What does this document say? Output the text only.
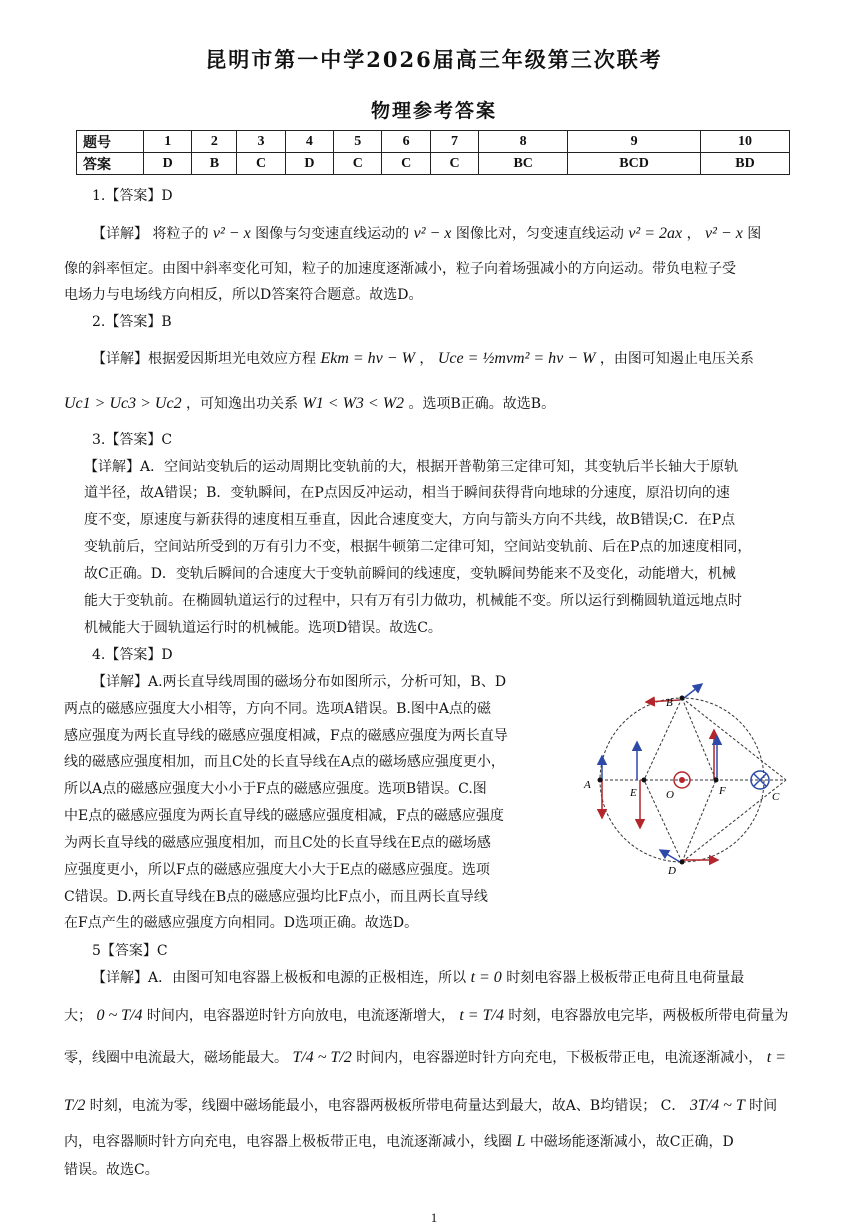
昆明市第一中学2026届高三年级第三次联考
物理参考答案
题号	1	2	3	4	5	6	7	8	9	10
答案	D	B	C	D	C	C	C	BC	BCD	BD
1.【答案】D
【详解】 将粒子的 v² − x 图像与匀变速直线运动的 v² − x 图像比对，匀变速直线运动 v² = 2ax ， v² − x 图
像的斜率恒定。由图中斜率变化可知，粒子的加速度逐渐减小，粒子向着场强减小的方向运动。带负电粒子受
电场力与电场线方向相反，所以D答案符合题意。故选D。
2.【答案】B
【详解】根据爱因斯坦光电效应方程 Ekm = hν − W ， Uce = ½mvm² = hν − W ，由图可知遏止电压关系
Uc1 > Uc3 > Uc2 ，可知逸出功关系 W1 < W3 < W2 。选项B正确。故选B。
3.【答案】C
【详解】A．空间站变轨后的运动周期比变轨前的大，根据开普勒第三定律可知，其变轨后半长轴大于原轨
道半径，故A错误；B．变轨瞬间，在P点因反冲运动，相当于瞬间获得背向地球的分速度，原沿切向的速
度不变，原速度与新获得的速度相互垂直，因此合速度变大，方向与箭头方向不共线，故B错误;C．在P点
变轨前后，空间站所受到的万有引力不变，根据牛顿第二定律可知，空间站变轨前、后在P点的加速度相同，
故C正确。D．变轨后瞬间的合速度大于变轨前瞬间的线速度，变轨瞬间势能来不及变化，动能增大，机械
能大于变轨前。在椭圆轨道运行的过程中，只有万有引力做功，机械能不变。所以运行到椭圆轨道远地点时
机械能大于圆轨道运行时的机械能。选项D错误。故选C。
4.【答案】D
【详解】A.两长直导线周围的磁场分布如图所示，分析可知，B、D
两点的磁感应强度大小相等，方向不同。选项A错误。B.图中A点的磁
感应强度为两长直导线的磁感应强度相减，F点的磁感应强度为两长直导
线的磁感应强度相加，而且C处的长直导线在A点的磁场感应强度更小，
所以A点的磁感应强度大小小于F点的磁感应强度。选项B错误。C.图
中E点的磁感应强度为两长直导线的磁感应强度相减，F点的磁感应强度
为两长直导线的磁感应强度相加，而且C处的长直导线在E点的磁场感
应强度更小，所以F点的磁感应强度大小大于E点的磁感应强度。选项
C错误。D.两长直导线在B点的磁感应强均比F点小，而且两长直导线
在F点产生的磁感应强度方向相同。D选项正确。故选D。
A
B
C
D
E	F
O
5【答案】C
【详解】A．由图可知电容器上极板和电源的正极相连，所以 t = 0 时刻电容器上极板带正电荷且电荷量最
大； 0 ~ T/4 时间内，电容器逆时针方向放电，电流逐渐增大， t = T/4 时刻，电容器放电完毕，两极板所带电荷量为
零，线圈中电流最大，磁场能最大。 T/4 ~ T/2 时间内，电容器逆时针方向充电，下极板带正电，电流逐渐减小， t =
T/2 时刻，电流为零，线圈中磁场能最小，电容器两极板所带电荷量达到最大，故A、B均错误； C． 3T/4 ~ T 时间
内，电容器顺时针方向充电，电容器上极板带正电，电流逐渐减小，线圈 L 中磁场能逐渐减小，故C正确，D
错误。故选C。
1
